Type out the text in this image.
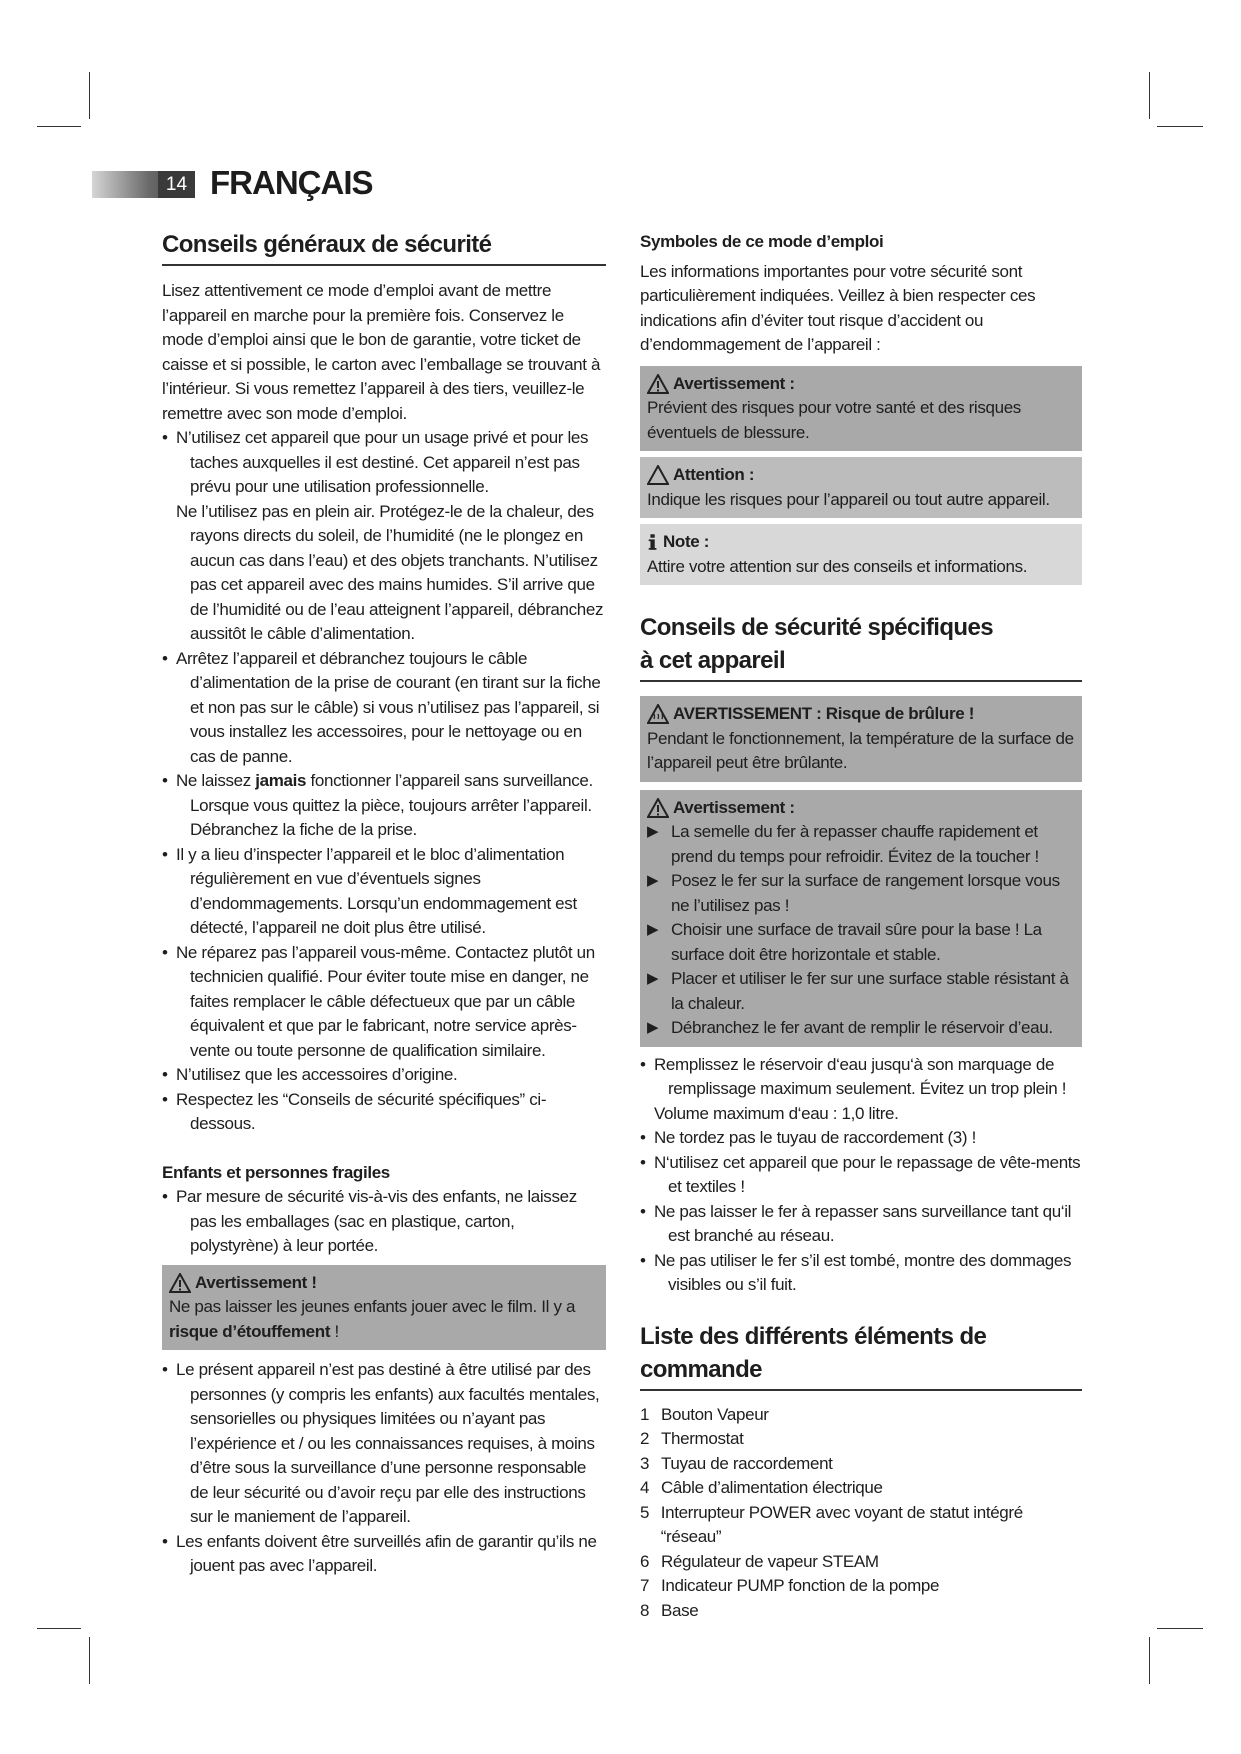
14 FRANÇAIS
Conseils généraux de sécurité

Lisez attentivement ce mode d’emploi avant de mettre l’appareil en marche pour la première fois. Conservez le mode d’emploi ainsi que le bon de garantie, votre ticket de caisse et si possible, le carton avec l’emballage se trouvant à l’intérieur. Si vous remettez l’appareil à des tiers, veuillez-le remettre avec son mode d’emploi.

• N’utilisez cet appareil que pour un usage privé et pour les taches auxquelles il est destiné. Cet appareil n’est pas prévu pour une utilisation professionnelle.
Ne l’utilisez pas en plein air. Protégez-le de la chaleur, des rayons directs du soleil, de l’humidité (ne le plongez en aucun cas dans l’eau) et des objets tranchants. N’utilisez pas cet appareil avec des mains humides. S’il arrive que de l’humidité ou de l’eau atteignent l’appareil, débranchez aussitôt le câble d’alimentation.
• Arrêtez l’appareil et débranchez toujours le câble d’alimentation de la prise de courant (en tirant sur la fiche et non pas sur le câble) si vous n’utilisez pas l’appareil, si vous installez les accessoires, pour le nettoyage ou en cas de panne.
• Ne laissez jamais fonctionner l’appareil sans surveillance. Lorsque vous quittez la pièce, toujours arrêter l’appareil. Débranchez la fiche de la prise.
• Il y a lieu d’inspecter l’appareil et le bloc d’alimentation régulièrement en vue d’éventuels signes d’endommagements. Lorsqu’un endommagement est détecté, l’appareil ne doit plus être utilisé.
• Ne réparez pas l’appareil vous-même. Contactez plutôt un technicien qualifié. Pour éviter toute mise en danger, ne faites remplacer le câble défectueux que par un câble équivalent et que par le fabricant, notre service après-vente ou toute personne de qualification similaire.
• N’utilisez que les accessoires d’origine.
• Respectez les “Conseils de sécurité spécifiques” ci-dessous.
Enfants et personnes fragiles
• Par mesure de sécurité vis-à-vis des enfants, ne laissez pas les emballages (sac en plastique, carton, polystyrène) à leur portée.
Avertissement !
Ne pas laisser les jeunes enfants jouer avec le film. Il y a
risque d’étouffement !
• Le présent appareil n’est pas destiné à être utilisé par des personnes (y compris les enfants) aux facultés mentales, sensorielles ou physiques limitées ou n’ayant pas l’expérience et / ou les connaissances requises, à moins d’être sous la surveillance d’une personne responsable de leur sécurité ou d’avoir reçu par elle des instructions sur le maniement de l’appareil.
• Les enfants doivent être surveillés afin de garantir qu’ils ne jouent pas avec l’appareil.
Symboles de ce mode d’emploi

Les informations importantes pour votre sécurité sont particulièrement indiquées. Veillez à bien respecter ces indications afin d’éviter tout risque d’accident ou d’endommagement de l’appareil :

Avertissement :
Prévient des risques pour votre santé et des risques éventuels de blessure.
Attention :
Indique les risques pour l’appareil ou tout autre appareil.
Note :
Attire votre attention sur des conseils et informations.
Conseils de sécurité spécifiques
à cet appareil
AVERTISSEMENT : Risque de brûlure !
Pendant le fonctionnement, la température de la surface de l’appareil peut être brûlante.
Avertissement :
▶ La semelle du fer à repasser chauffe rapidement et prend du temps pour refroidir. Évitez de la toucher !
▶ Posez le fer sur la surface de rangement lorsque vous ne l’utilisez pas !
▶ Choisir une surface de travail sûre pour la base ! La surface doit être horizontale et stable.
▶ Placer et utiliser le fer sur une surface stable résistant à la chaleur.
▶ Débranchez le fer avant de remplir le réservoir d’eau.
• Remplissez le réservoir d‘eau jusqu‘à son marquage de remplissage maximum seulement. Évitez un trop plein !
Volume maximum d‘eau : 1,0 litre.
• Ne tordez pas le tuyau de raccordement (3) !
• N‘utilisez cet appareil que pour le repassage de vête-ments et textiles !
• Ne pas laisser le fer à repasser sans surveillance tant qu‘il est branché au réseau.
• Ne pas utiliser le fer s’il est tombé, montre des dommages visibles ou s’il fuit.
Liste des différents éléments de commande
1 Bouton Vapeur
2 Thermostat
3 Tuyau de raccordement
4 Câble d’alimentation électrique
5 Interrupteur POWER avec voyant de statut intégré “réseau”
6 Régulateur de vapeur STEAM
7 Indicateur PUMP fonction de la pompe
8 Base
